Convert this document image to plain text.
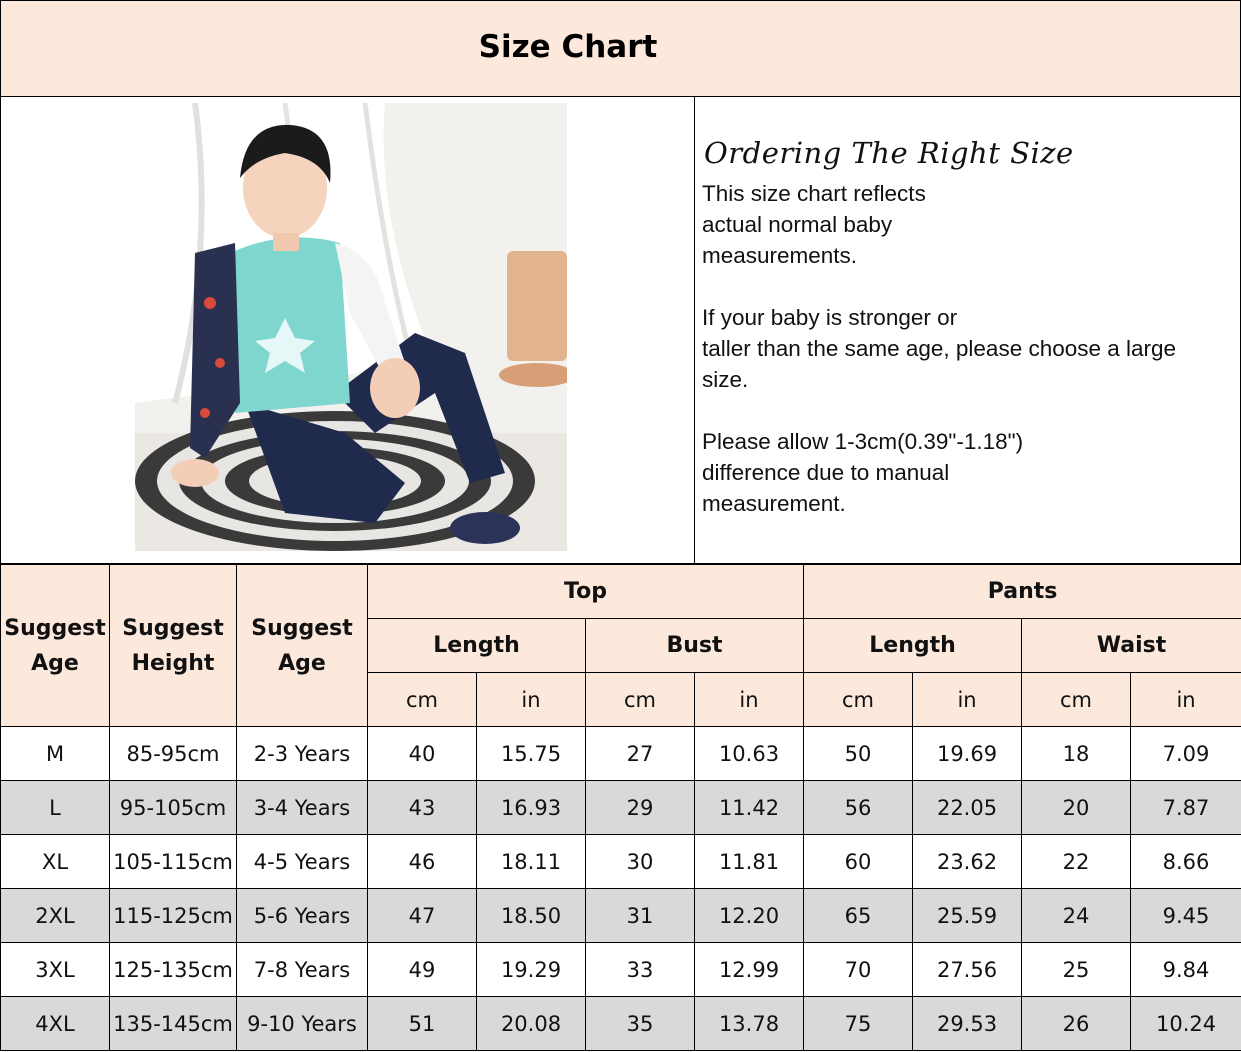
Size Chart
Ordering The Right Size
This size chart reflects
actual normal baby
measurements.
If your baby is stronger or
taller than the same age, please choose a large
size.
Please allow 1-3cm(0.39"-1.18")
difference due to manual
measurement.
Suggest Age	Suggest Height	Suggest Age	Top				Pants			
			Length		Bust		Length		Waist	
			cm	in	cm	in	cm	in	cm	in
M	85-95cm	2-3 Years	40	15.75	27	10.63	50	19.69	18	7.09
L	95-105cm	3-4 Years	43	16.93	29	11.42	56	22.05	20	7.87
XL	105-115cm	4-5 Years	46	18.11	30	11.81	60	23.62	22	8.66
2XL	115-125cm	5-6 Years	47	18.50	31	12.20	65	25.59	24	9.45
3XL	125-135cm	7-8 Years	49	19.29	33	12.99	70	27.56	25	9.84
4XL	135-145cm	9-10 Years	51	20.08	35	13.78	75	29.53	26	10.24
